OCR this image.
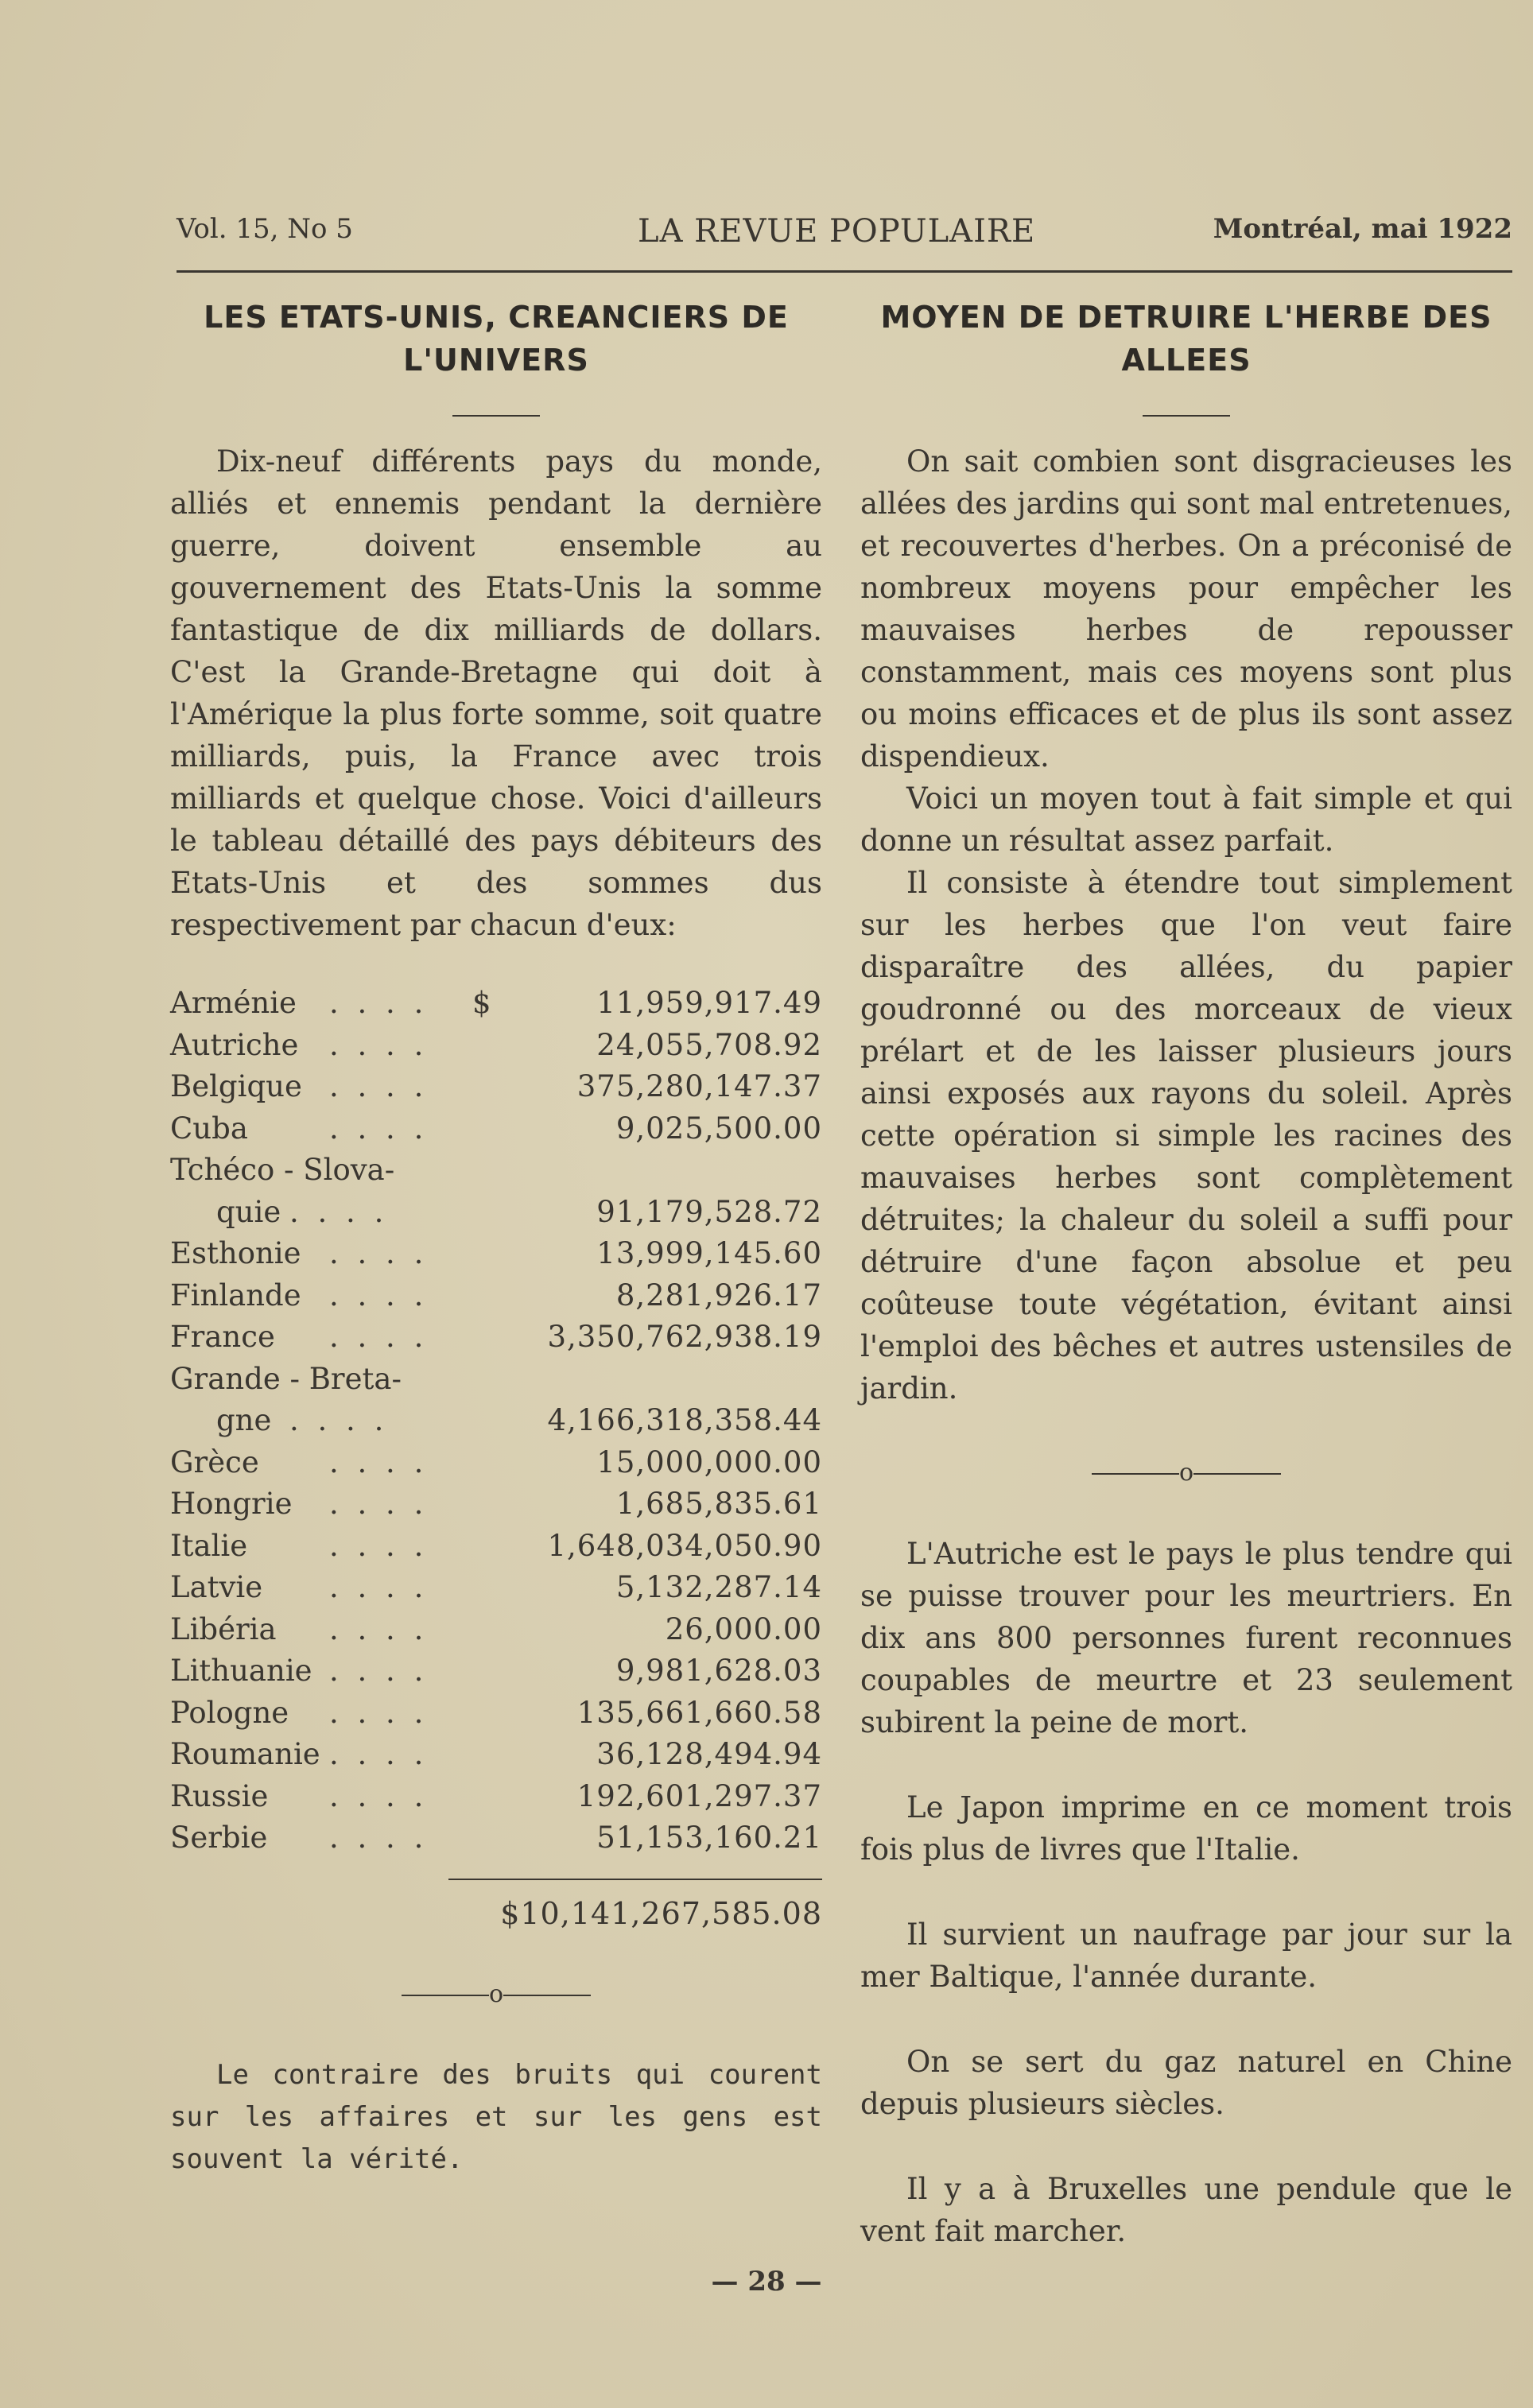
Vol. 15, No 5	LA REVUE POPULAIRE	Montréal, mai 1922
LES ETATS-UNIS, CREANCIERS DE L'UNIVERS

Dix-neuf différents pays du monde, alliés et ennemis pendant la dernière guerre, doivent ensemble au gouvernement des Etats-Unis la somme fantastique de dix milliards de dollars. C'est la Grande-Bretagne qui doit à l'Amérique la plus forte somme, soit quatre milliards, puis, la France avec trois milliards et quelque chose. Voici d'ailleurs le tableau détaillé des pays débiteurs des Etats-Unis et des sommes dus respectivement par chacun d'eux:

Arménie . . . . $	11,959,917.49
Autriche . . . .	24,055,708.92
Belgique . . . .	375,280,147.37
Cuba	. . . .	9,025,500.00
Tchéco - Slova-
quie . . . .	91,179,528.72
Esthonie . . . .	13,999,145.60
Finlande . . . .	8,281,926.17
France . . . .	3,350,762,938.19
Grande - Breta-
gne . . . .	4,166,318,358.44
Grèce . . . .	15,000,000.00
Hongrie . . . .	1,685,835.61
Italie	. . . .	1,648,034,050.90
Latvie . . . .	5,132,287.14
Libéria . . . .	26,000.00
Lithuanie . . . .	9,981,628.03
Pologne . . . .	135,661,660.58
Roumanie . . . .	36,128,494.94
Russie . . . .	192,601,297.37
Serbie . . . .	51,153,160.21
$10,141,267,585.08
o

Le contraire des bruits qui courent sur les affaires et sur les gens est souvent la vérité.

MOYEN DE DETRUIRE L'HERBE DES ALLEES

On sait combien sont disgracieuses les allées des jardins qui sont mal entretenues, et recouvertes d'herbes. On a préconisé de nombreux moyens pour empêcher les mauvaises herbes de repousser constamment, mais ces moyens sont plus ou moins efficaces et de plus ils sont assez dispendieux.

Voici un moyen tout à fait simple et qui donne un résultat assez parfait.

Il consiste à étendre tout simplement sur les herbes que l'on veut faire disparaître des allées, du papier goudronné ou des morceaux de vieux prélart et de les laisser plusieurs jours ainsi exposés aux rayons du soleil. Après cette opération si simple les racines des mauvaises herbes sont complètement détruites; la chaleur du soleil a suffi pour détruire d'une façon absolue et peu coûteuse toute végétation, évitant ainsi l'emploi des bêches et autres ustensiles de jardin.

o

L'Autriche est le pays le plus tendre qui se puisse trouver pour les meurtriers. En dix ans 800 personnes furent reconnues coupables de meurtre et 23 seulement subirent la peine de mort.

Le Japon imprime en ce moment trois fois plus de livres que l'Italie.

Il survient un naufrage par jour sur la mer Baltique, l'année durante.

On se sert du gaz naturel en Chine depuis plusieurs siècles.

Il y a à Bruxelles une pendule que le vent fait marcher.

— 28 —
